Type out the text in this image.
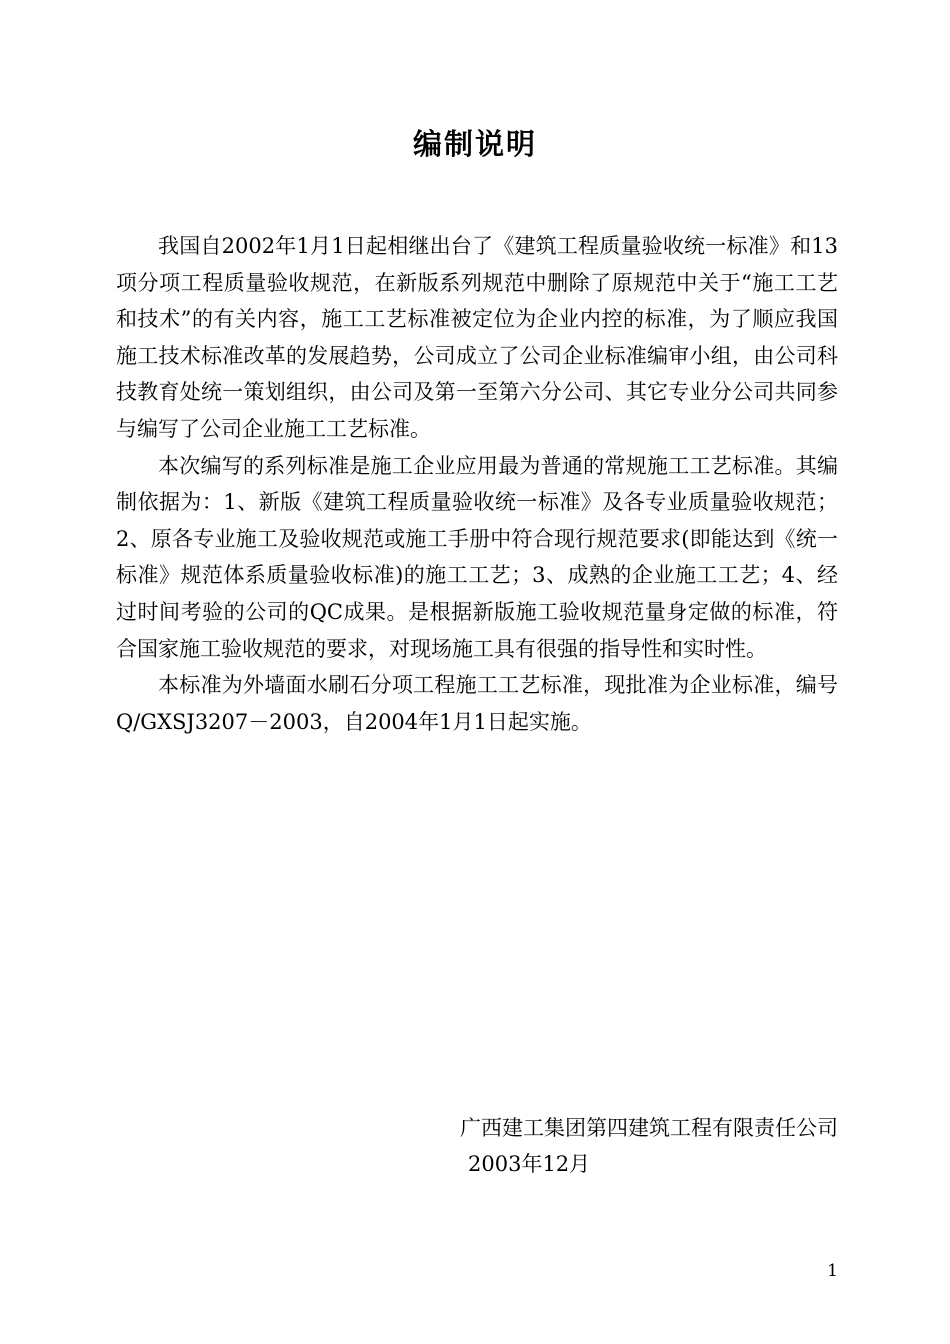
编制说明

我国自2002年1月1日起相继出台了《建筑工程质量验收统一标准》和13项分项工程质量验收规范，在新版系列规范中删除了原规范中关于“施工工艺和技术”的有关内容，施工工艺标准被定位为企业内控的标准，为了顺应我国施工技术标准改革的发展趋势，公司成立了公司企业标准编审小组，由公司科技教育处统一策划组织，由公司及第一至第六分公司、其它专业分公司共同参与编写了公司企业施工工艺标准。

本次编写的系列标准是施工企业应用最为普通的常规施工工艺标准。其编制依据为：1、新版《建筑工程质量验收统一标准》及各专业质量验收规范；2、原各专业施工及验收规范或施工手册中符合现行规范要求(即能达到《统一标准》规范体系质量验收标准)的施工工艺；3、成熟的企业施工工艺；4、经过时间考验的公司的QC成果。是根据新版施工验收规范量身定做的标准，符合国家施工验收规范的要求，对现场施工具有很强的指导性和实时性。

本标准为外墙面水刷石分项工程施工工艺标准，现批准为企业标准，编号Q/GXSJ3207－2003，自2004年1月1日起实施。

广西建工集团第四建筑工程有限责任公司
2003年12月
1
